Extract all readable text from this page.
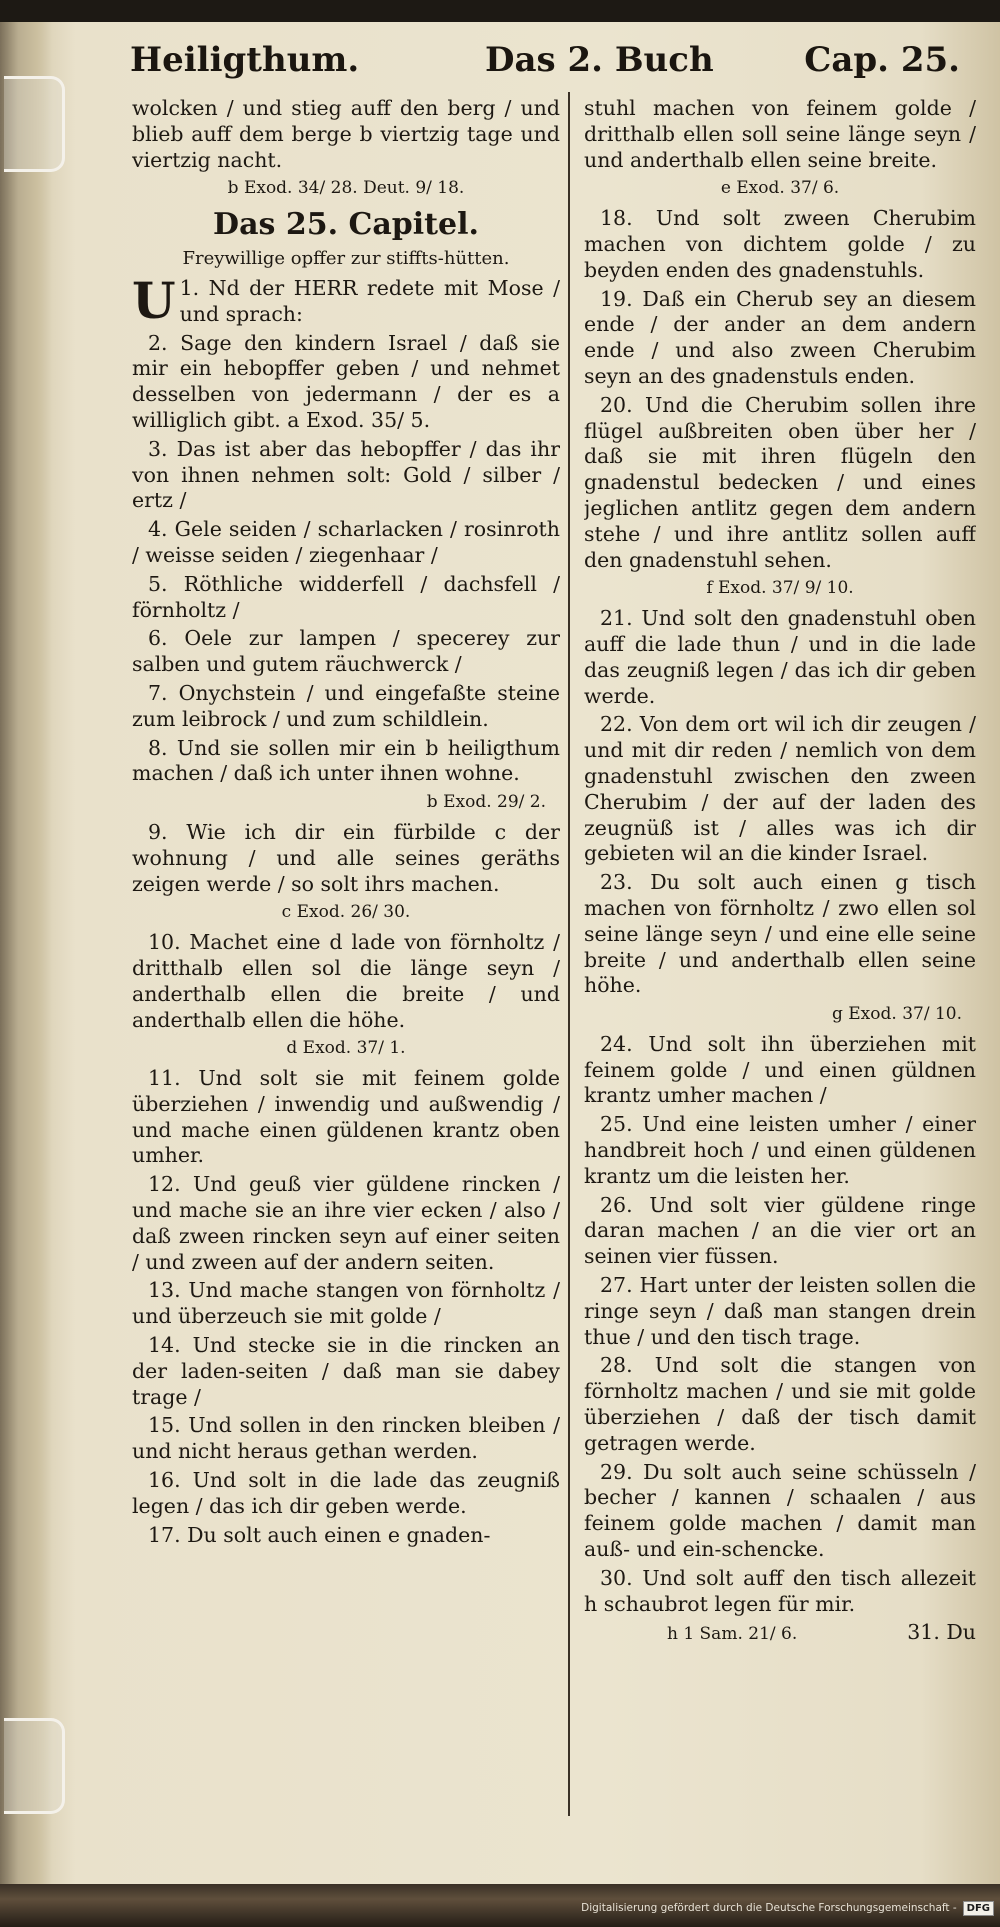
Heiligthum.	Das 2. Buch	Cap. 25.

wolcken / und stieg auff den berg / und blieb auff dem berge b viertzig tage und viertzig nacht.

b Exod. 34/ 28. Deut. 9/ 18.

Das 25. Capitel.

Freywillige opffer zur stiffts-hütten.

U 1. Nd der HERR redete mit Mose / und sprach:

2. Sage den kindern Israel / daß sie mir ein hebopffer geben / und nehmet desselben von jedermann / der es a williglich gibt. a Exod. 35/ 5.

3. Das ist aber das hebopffer / das ihr von ihnen nehmen solt: Gold / silber / ertz /

4. Gele seiden / scharlacken / rosinroth / weisse seiden / ziegenhaar /

5. Röthliche widderfell / dachsfell / förnholtz /

6. Oele zur lampen / specerey zur salben und gutem räuchwerck /

7. Onychstein / und eingefaßte steine zum leibrock / und zum schildlein.

8. Und sie sollen mir ein b heiligthum machen / daß ich unter ihnen wohne.

b Exod. 29/ 2.

9. Wie ich dir ein fürbilde c der wohnung / und alle seines geräths zeigen werde / so solt ihrs machen.

c Exod. 26/ 30.

10. Machet eine d lade von förnholtz / dritthalb ellen sol die länge seyn / anderthalb ellen die breite / und anderthalb ellen die höhe.

d Exod. 37/ 1.

11. Und solt sie mit feinem golde überziehen / inwendig und außwendig / und mache einen güldenen krantz oben umher.

12. Und geuß vier güldene rincken / und mache sie an ihre vier ecken / also / daß zween rincken seyn auf einer seiten / und zween auf der andern seiten.

13. Und mache stangen von förnholtz / und überzeuch sie mit golde /

14. Und stecke sie in die rincken an der laden-seiten / daß man sie dabey trage /

15. Und sollen in den rincken bleiben / und nicht heraus gethan werden.

16. Und solt in die lade das zeugniß legen / das ich dir geben werde.

17. Du solt auch einen e gnaden-

stuhl machen von feinem golde / dritthalb ellen soll seine länge seyn / und anderthalb ellen seine breite.

e Exod. 37/ 6.

18. Und solt zween Cherubim machen von dichtem golde / zu beyden enden des gnadenstuhls.

19. Daß ein Cherub sey an diesem ende / der ander an dem andern ende / und also zween Cherubim seyn an des gnadenstuls enden.

20. Und die Cherubim sollen ihre flügel außbreiten oben über her / daß sie mit ihren flügeln den gnadenstul bedecken / und eines jeglichen antlitz gegen dem andern stehe / und ihre antlitz sollen auff den gnadenstuhl sehen.

f Exod. 37/ 9/ 10.

21. Und solt den gnadenstuhl oben auff die lade thun / und in die lade das zeugniß legen / das ich dir geben werde.

22. Von dem ort wil ich dir zeugen / und mit dir reden / nemlich von dem gnadenstuhl zwischen den zween Cherubim / der auf der laden des zeugnüß ist / alles was ich dir gebieten wil an die kinder Israel.

23. Du solt auch einen g tisch machen von förnholtz / zwo ellen sol seine länge seyn / und eine elle seine breite / und anderthalb ellen seine höhe.

g Exod. 37/ 10.

24. Und solt ihn überziehen mit feinem golde / und einen güldnen krantz umher machen /

25. Und eine leisten umher / einer handbreit hoch / und einen güldenen krantz um die leisten her.

26. Und solt vier güldene ringe daran machen / an die vier ort an seinen vier füssen.

27. Hart unter der leisten sollen die ringe seyn / daß man stangen drein thue / und den tisch trage.

28. Und solt die stangen von förnholtz machen / und sie mit golde überziehen / daß der tisch damit getragen werde.

29. Du solt auch seine schüsseln / becher / kannen / schaalen / aus feinem golde machen / damit man auß- und ein-schencke.

30. Und solt auff den tisch allezeit h schaubrot legen für mir.

h 1 Sam. 21/ 6.	31. Du

Digitalisierung gefördert durch die Deutsche Forschungsgemeinschaft -	DFG
